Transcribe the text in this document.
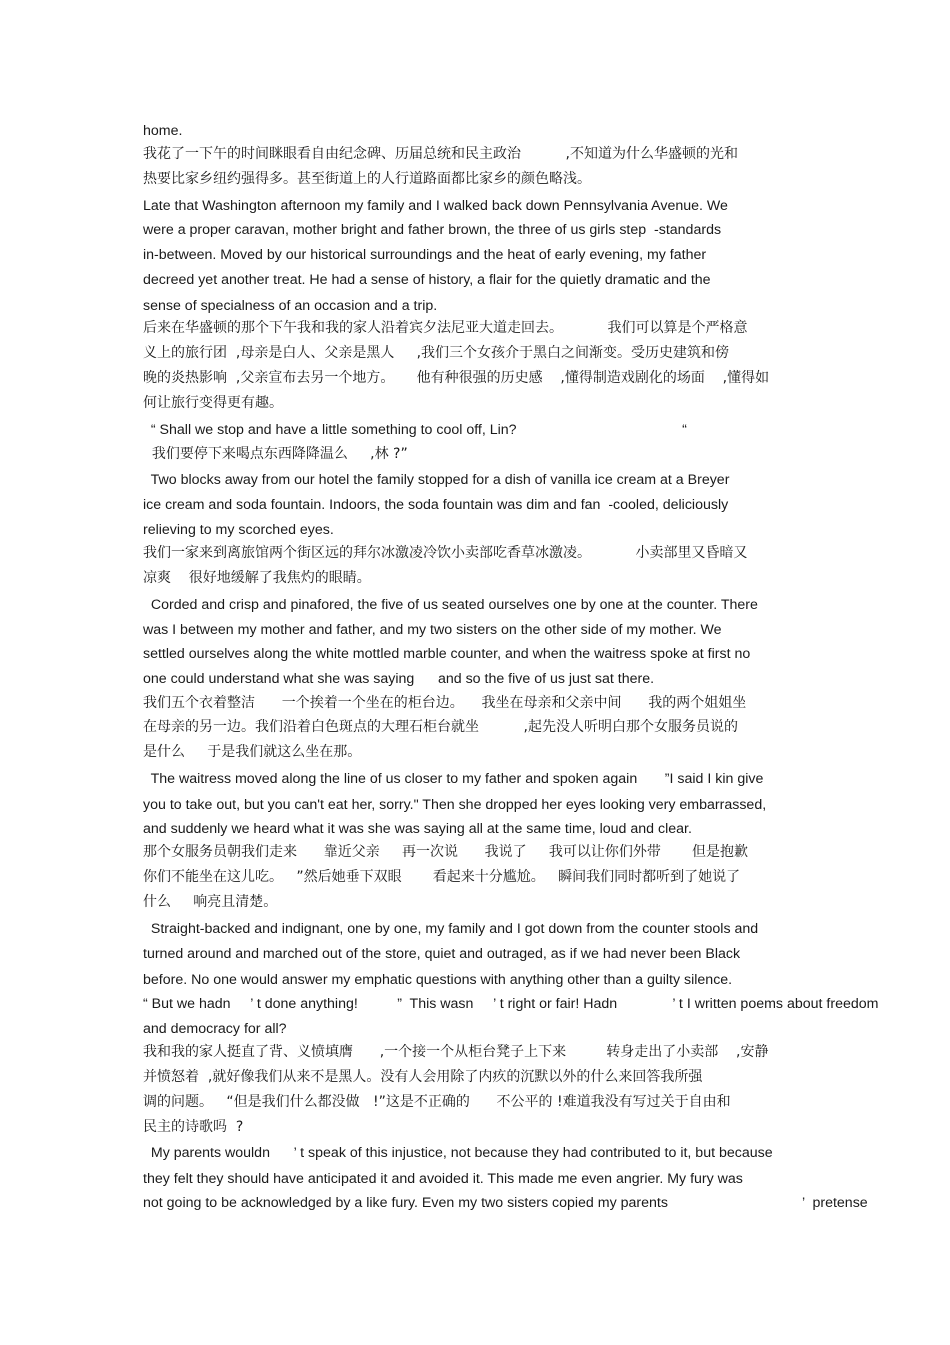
home.

我花了一下午的时间眯眼看自由纪念碑、历届总统和民主政治          ,不知道为什么华盛顿的光和

热要比家乡纽约强得多。甚至街道上的人行道路面都比家乡的颜色略浅。

Late that Washington afternoon my family and I walked back down Pennsylvania Avenue. We

were a proper caravan, mother bright and father brown, the three of us girls step  -standards

in-between. Moved by our historical surroundings and the heat of early evening, my father

decreed yet another treat. He had a sense of history, a flair for the quietly dramatic and the

sense of specialness of an occasion and a trip.

后来在华盛顿的那个下午我和我的家人沿着宾夕法尼亚大道走回去。          我们可以算是个严格意

义上的旅行团  ,母亲是白人、父亲是黑人     ,我们三个女孩介于黑白之间渐变。受历史建筑和傍

晚的炎热影响  ,父亲宣布去另一个地方。     他有种很强的历史感    ,懂得制造戏剧化的场面    ,懂得如

何让旅行变得更有趣。

“ Shall we stop and have a little something to cool off, Lin?                                          “

我们要停下来喝点东西降降温么     ,林 ?”

Two blocks away from our hotel the family stopped for a dish of vanilla ice cream at a Breyer

ice cream and soda fountain. Indoors, the soda fountain was dim and fan  -cooled, deliciously

relieving to my scorched eyes.

我们一家来到离旅馆两个街区远的拜尔冰激凌冷饮小卖部吃香草冰激凌。          小卖部里又昏暗又

凉爽    很好地缓解了我焦灼的眼睛。

Corded and crisp and pinafored, the five of us seated ourselves one by one at the counter. There

was I between my mother and father, and my two sisters on the other side of my mother. We

settled ourselves along the white mottled marble counter, and when the waitress spoke at first no

one could understand what she was saying      and so the five of us just sat there.

我们五个衣着整洁      一个挨着一个坐在的柜台边。    我坐在母亲和父亲中间      我的两个姐姐坐

在母亲的另一边。我们沿着白色斑点的大理石柜台就坐          ,起先没人听明白那个女服务员说的

是什么     于是我们就这么坐在那。

The waitress moved along the line of us closer to my father and spoken again       ”I said I kin give

you to take out, but you can't eat her, sorry." Then she dropped her eyes looking very embarrassed,

and suddenly we heard what it was she was saying all at the same time, loud and clear.

那个女服务员朝我们走来      靠近父亲     再一次说      我说了     我可以让你们外带       但是抱歉

你们不能坐在这儿吃。   ”然后她垂下双眼       看起来十分尴尬。   瞬间我们同时都听到了她说了

什么     响亮且清楚。

Straight-backed and indignant, one by one, my family and I got down from the counter stools and

turned around and marched out of the store, quiet and outraged, as if we had never been Black

before. No one would answer my emphatic questions with anything other than a guilty silence.

“ But we hadn     ’ t done anything!          ”  This wasn     ’ t right or fair! Hadn              ’ t I written poems about freedom

and democracy for all?

我和我的家人挺直了背、义愤填膺      ,一个接一个从柜台凳子上下来         转身走出了小卖部    ,安静

并愤怒着  ,就好像我们从来不是黑人。没有人会用除了内疚的沉默以外的什么来回答我所强

调的问题。   “但是我们什么都没做   !”这是不正确的      不公平的 !难道我没有写过关于自由和

民主的诗歌吗  ?

My parents wouldn      ’ t speak of this injustice, not because they had contributed to it, but because

they felt they should have anticipated it and avoided it. This made me even angrier. My fury was

not going to be acknowledged by a like fury. Even my two sisters copied my parents                                  ’  pretense
